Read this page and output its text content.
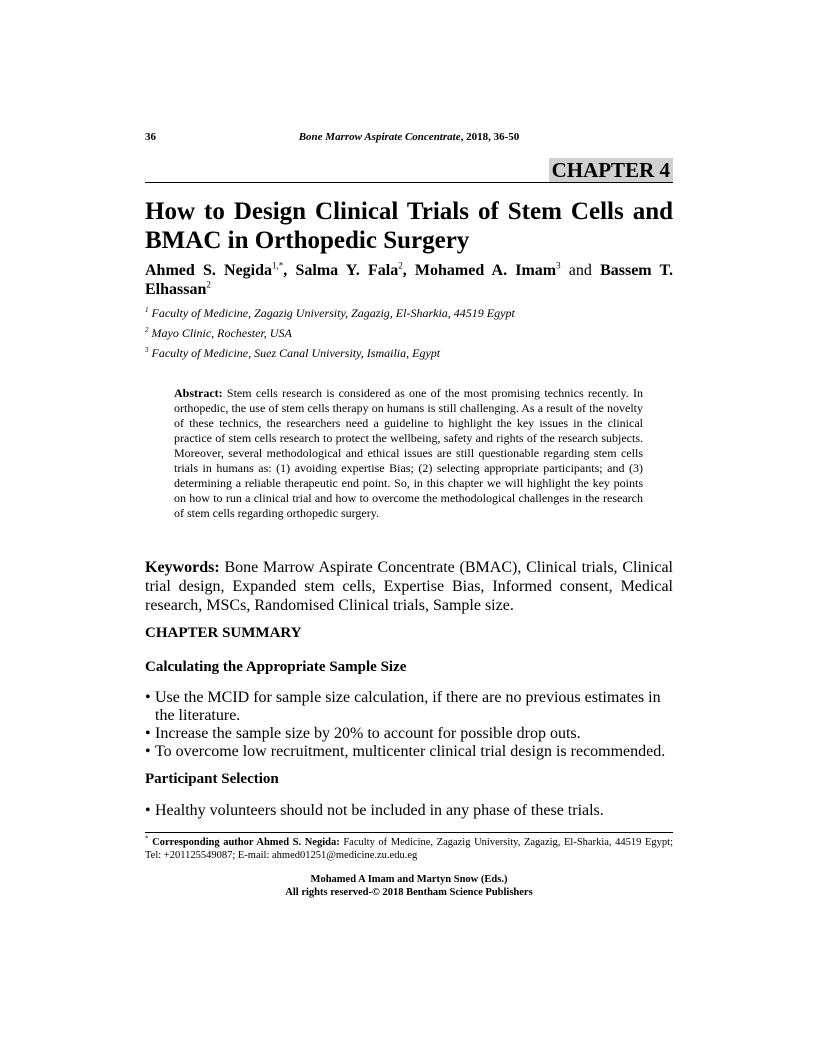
36	Bone Marrow Aspirate Concentrate, 2018, 36-50
CHAPTER 4
How to Design Clinical Trials of Stem Cells and BMAC in Orthopedic Surgery
Ahmed S. Negida$^{1,*}$, Salma Y. Fala$^2$, Mohamed A. Imam$^3$ and Bassem T. Elhassan$^2$
$^1$ Faculty of Medicine, Zagazig University, Zagazig, El-Sharkia, 44519 Egypt
$^2$ Mayo Clinic, Rochester, USA
$^3$ Faculty of Medicine, Suez Canal University, Ismailia, Egypt

Abstract: Stem cells research is considered as one of the most promising technics recently. In orthopedic, the use of stem cells therapy on humans is still challenging. As a result of the novelty of these technics, the researchers need a guideline to highlight the key issues in the clinical practice of stem cells research to protect the wellbeing, safety and rights of the research subjects. Moreover, several methodological and ethical issues are still questionable regarding stem cells trials in humans as: (1) avoiding expertise Bias; (2) selecting appropriate participants; and (3) determining a reliable therapeutic end point. So, in this chapter we will highlight the key points on how to run a clinical trial and how to overcome the methodological challenges in the research of stem cells regarding orthopedic surgery.

Keywords: Bone Marrow Aspirate Concentrate (BMAC), Clinical trials, Clinical trial design, Expanded stem cells, Expertise Bias, Informed consent, Medical research, MSCs, Randomised Clinical trials, Sample size.

CHAPTER SUMMARY
Calculating the Appropriate Sample Size
• Use the MCID for sample size calculation, if there are no previous estimates in the literature.
• Increase the sample size by 20% to account for possible drop outs.
• To overcome low recruitment, multicenter clinical trial design is recommended.
Participant Selection
• Healthy volunteers should not be included in any phase of these trials.

* Corresponding author Ahmed S. Negida: Faculty of Medicine, Zagazig University, Zagazig, El-Sharkia, 44519 Egypt; Tel: +201125549087; E-mail: ahmed01251@medicine.zu.edu.eg

Mohamed A Imam and Martyn Snow (Eds.)
All rights reserved-© 2018 Bentham Science Publishers
